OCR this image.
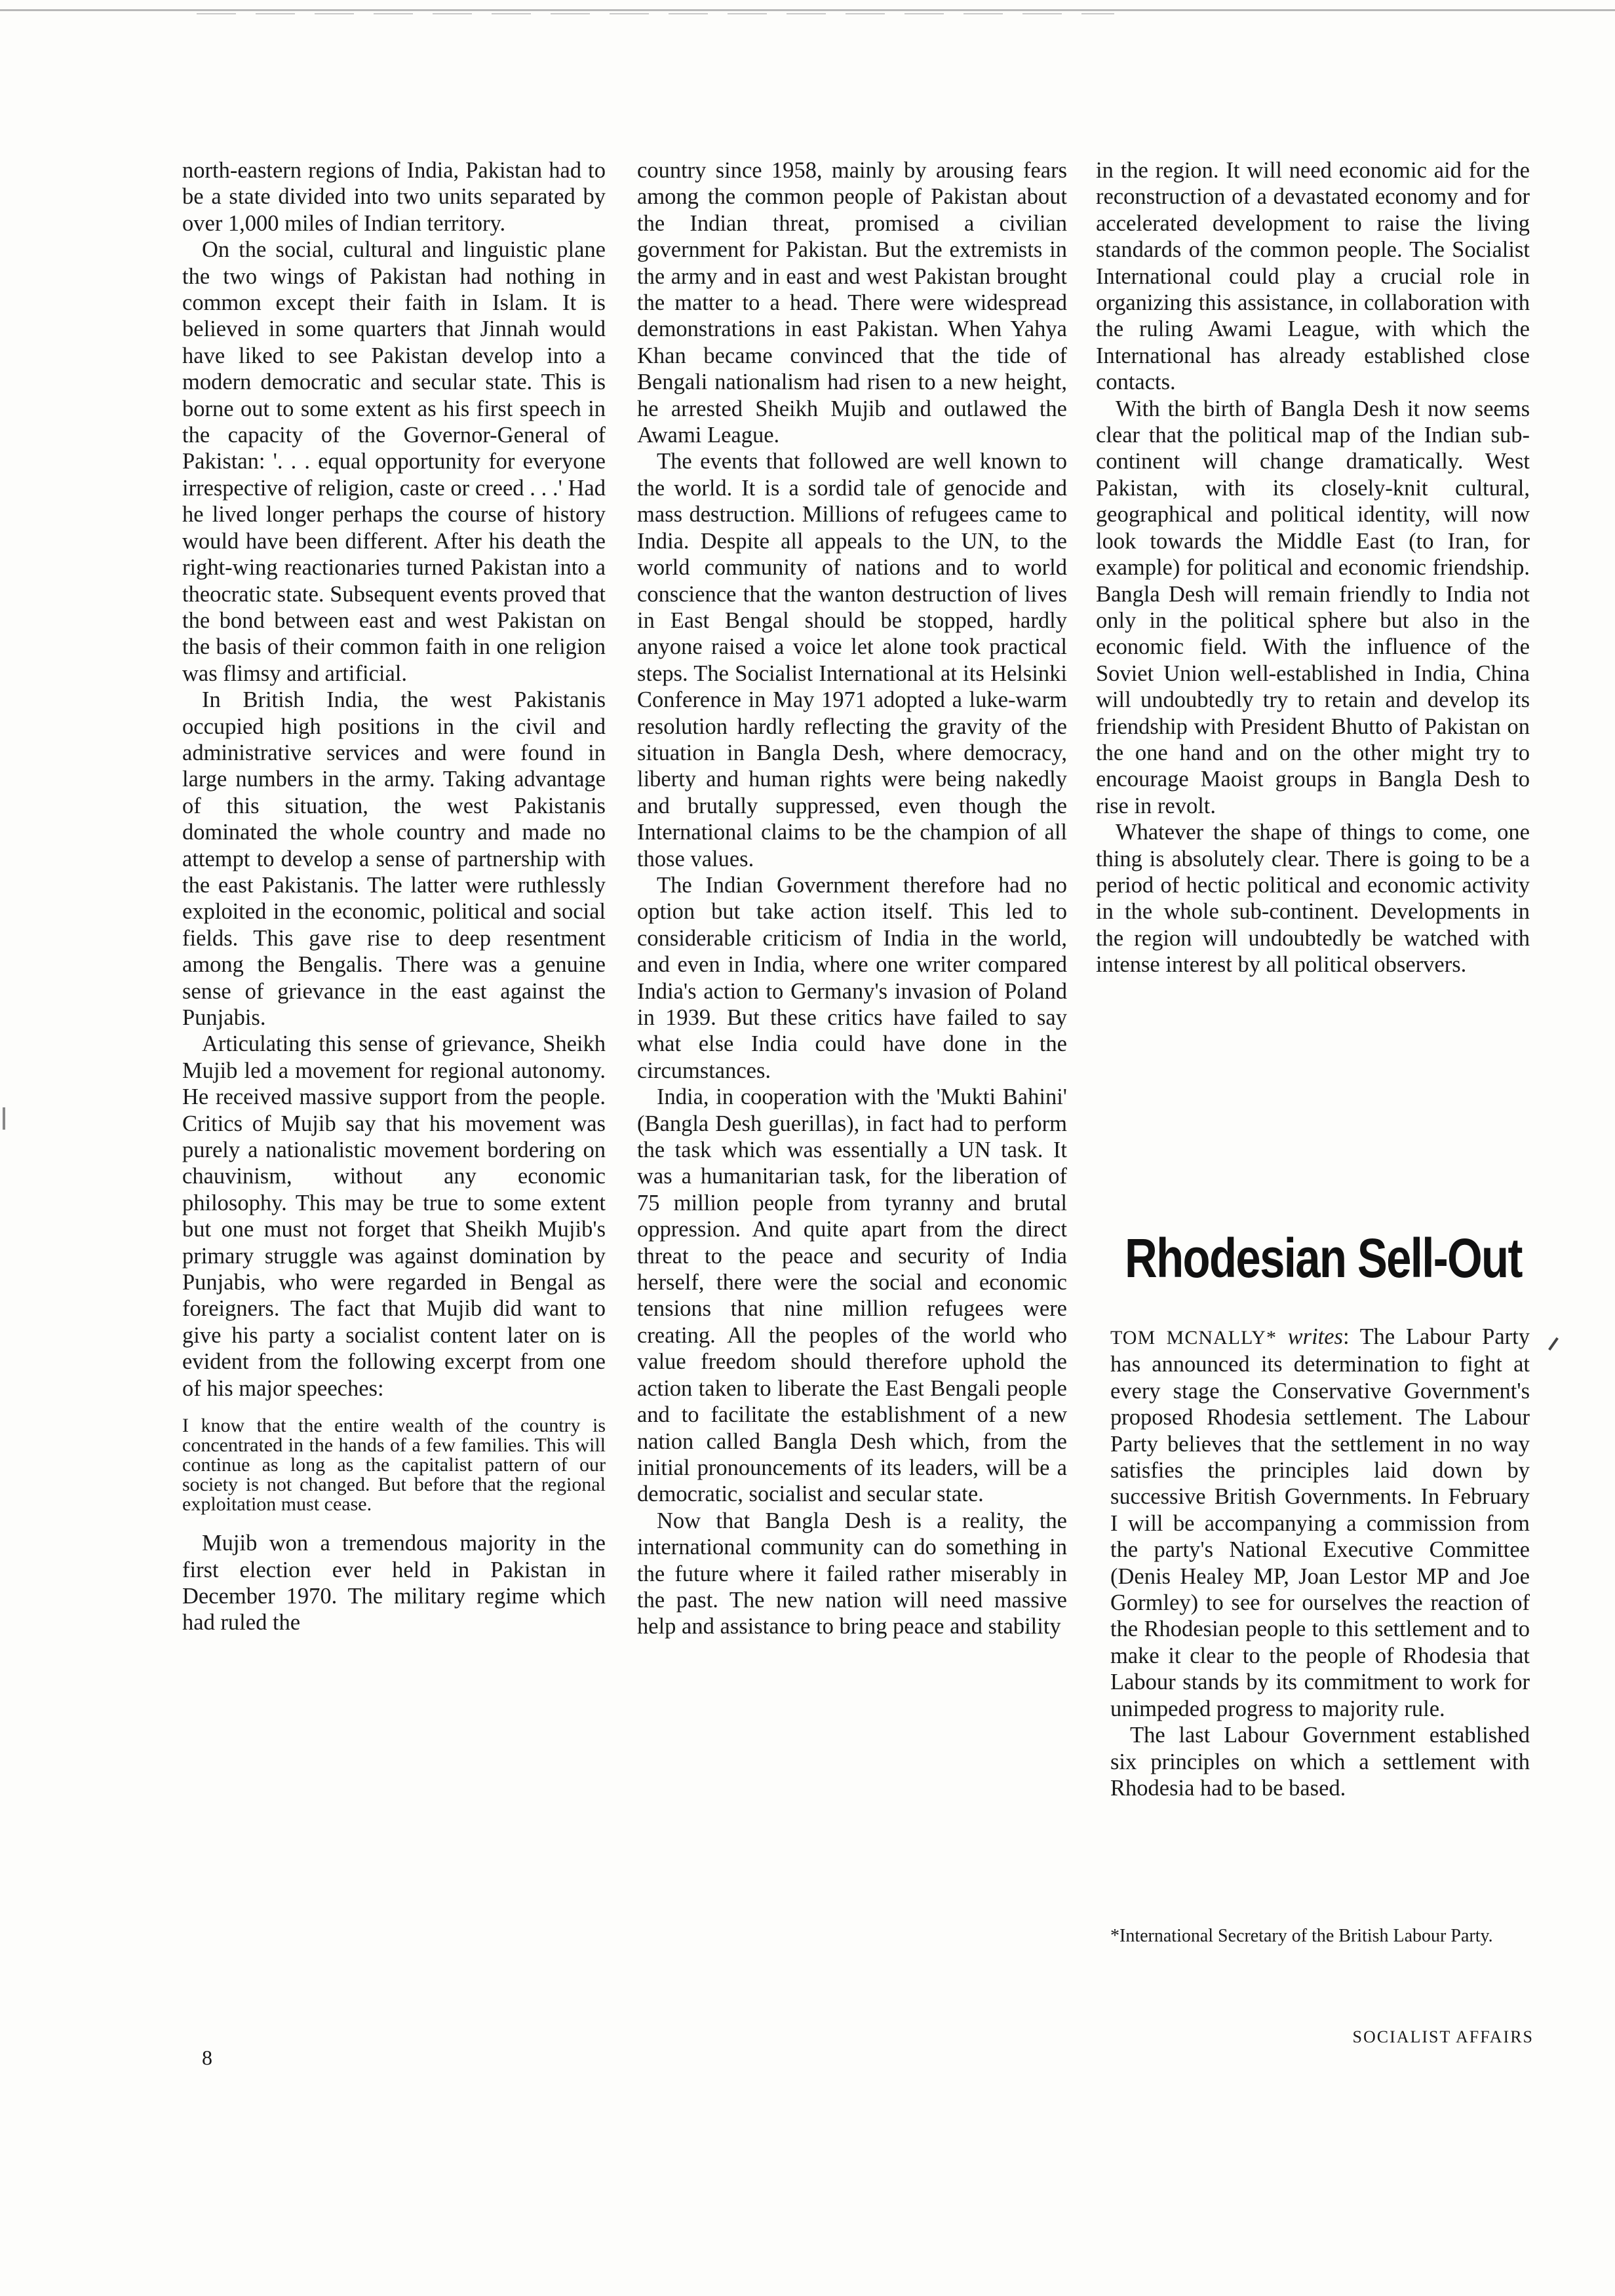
north-eastern regions of India, Pakistan had to be a state divided into two units separated by over 1,000 miles of Indian territory.

On the social, cultural and linguistic plane the two wings of Pakistan had nothing in common except their faith in Islam. It is believed in some quarters that Jinnah would have liked to see Pakistan develop into a modern democratic and secular state. This is borne out to some extent as his first speech in the capacity of the Governor-General of Pakistan: '. . . equal opportunity for everyone irrespective of religion, caste or creed . . .' Had he lived longer perhaps the course of history would have been different. After his death the right-wing reactionaries turned Pakistan into a theocratic state. Subsequent events proved that the bond between east and west Pakistan on the basis of their common faith in one religion was flimsy and artificial.

In British India, the west Pakistanis occupied high positions in the civil and administrative services and were found in large numbers in the army. Taking advantage of this situation, the west Pakistanis dominated the whole country and made no attempt to develop a sense of partnership with the east Pakistanis. The latter were ruthlessly exploited in the economic, political and social fields. This gave rise to deep resentment among the Bengalis. There was a genuine sense of grievance in the east against the Punjabis.

Articulating this sense of grievance, Sheikh Mujib led a movement for regional autonomy. He received massive support from the people. Critics of Mujib say that his movement was purely a nationalistic movement bordering on chauvinism, without any economic philosophy. This may be true to some extent but one must not forget that Sheikh Mujib's primary struggle was against domination by Punjabis, who were regarded in Bengal as foreigners. The fact that Mujib did want to give his party a socialist content later on is evident from the following excerpt from one of his major speeches:

I know that the entire wealth of the country is concentrated in the hands of a few families. This will continue as long as the capitalist pattern of our society is not changed. But before that the regional exploitation must cease.

Mujib won a tremendous majority in the first election ever held in Pakistan in December 1970. The military regime which had ruled the

country since 1958, mainly by arousing fears among the common people of Pakistan about the Indian threat, promised a civilian government for Pakistan. But the extremists in the army and in east and west Pakistan brought the matter to a head. There were widespread demonstrations in east Pakistan. When Yahya Khan became convinced that the tide of Bengali nationalism had risen to a new height, he arrested Sheikh Mujib and outlawed the Awami League.

The events that followed are well known to the world. It is a sordid tale of genocide and mass destruction. Millions of refugees came to India. Despite all appeals to the UN, to the world community of nations and to world conscience that the wanton destruction of lives in East Bengal should be stopped, hardly anyone raised a voice let alone took practical steps. The Socialist International at its Helsinki Conference in May 1971 adopted a luke-warm resolution hardly reflecting the gravity of the situation in Bangla Desh, where democracy, liberty and human rights were being nakedly and brutally suppressed, even though the International claims to be the champion of all those values.

The Indian Government therefore had no option but take action itself. This led to considerable criticism of India in the world, and even in India, where one writer compared India's action to Germany's invasion of Poland in 1939. But these critics have failed to say what else India could have done in the circumstances.

India, in cooperation with the 'Mukti Bahini' (Bangla Desh guerillas), in fact had to perform the task which was essentially a UN task. It was a humanitarian task, for the liberation of 75 million people from tyranny and brutal oppression. And quite apart from the direct threat to the peace and security of India herself, there were the social and economic tensions that nine million refugees were creating. All the peoples of the world who value freedom should therefore uphold the action taken to liberate the East Bengali people and to facilitate the establishment of a new nation called Bangla Desh which, from the initial pronouncements of its leaders, will be a democratic, socialist and secular state.

Now that Bangla Desh is a reality, the international community can do something in the future where it failed rather miserably in the past. The new nation will need massive help and assistance to bring peace and stability

in the region. It will need economic aid for the reconstruction of a devastated economy and for accelerated development to raise the living standards of the common people. The Socialist International could play a crucial role in organizing this assistance, in collaboration with the ruling Awami League, with which the International has already established close contacts.

With the birth of Bangla Desh it now seems clear that the political map of the Indian sub-continent will change dramatically. West Pakistan, with its closely-knit cultural, geographical and political identity, will now look towards the Middle East (to Iran, for example) for political and economic friendship. Bangla Desh will remain friendly to India not only in the political sphere but also in the economic field. With the influence of the Soviet Union well-established in India, China will undoubtedly try to retain and develop its friendship with President Bhutto of Pakistan on the one hand and on the other might try to encourage Maoist groups in Bangla Desh to rise in revolt.

Whatever the shape of things to come, one thing is absolutely clear. There is going to be a period of hectic political and economic activity in the whole sub-continent. Developments in the region will undoubtedly be watched with intense interest by all political observers.

Rhodesian Sell-Out

TOM MCNALLY* writes: The Labour Party has announced its determination to fight at every stage the Conservative Government's proposed Rhodesia settlement. The Labour Party believes that the settlement in no way satisfies the principles laid down by successive British Governments. In February I will be accompanying a commission from the party's National Executive Committee (Denis Healey MP, Joan Lestor MP and Joe Gormley) to see for ourselves the reaction of the Rhodesian people to this settlement and to make it clear to the people of Rhodesia that Labour stands by its commitment to work for unimpeded progress to majority rule.

The last Labour Government established six principles on which a settlement with Rhodesia had to be based.

*International Secretary of the British Labour Party.
8
SOCIALIST AFFAIRS
